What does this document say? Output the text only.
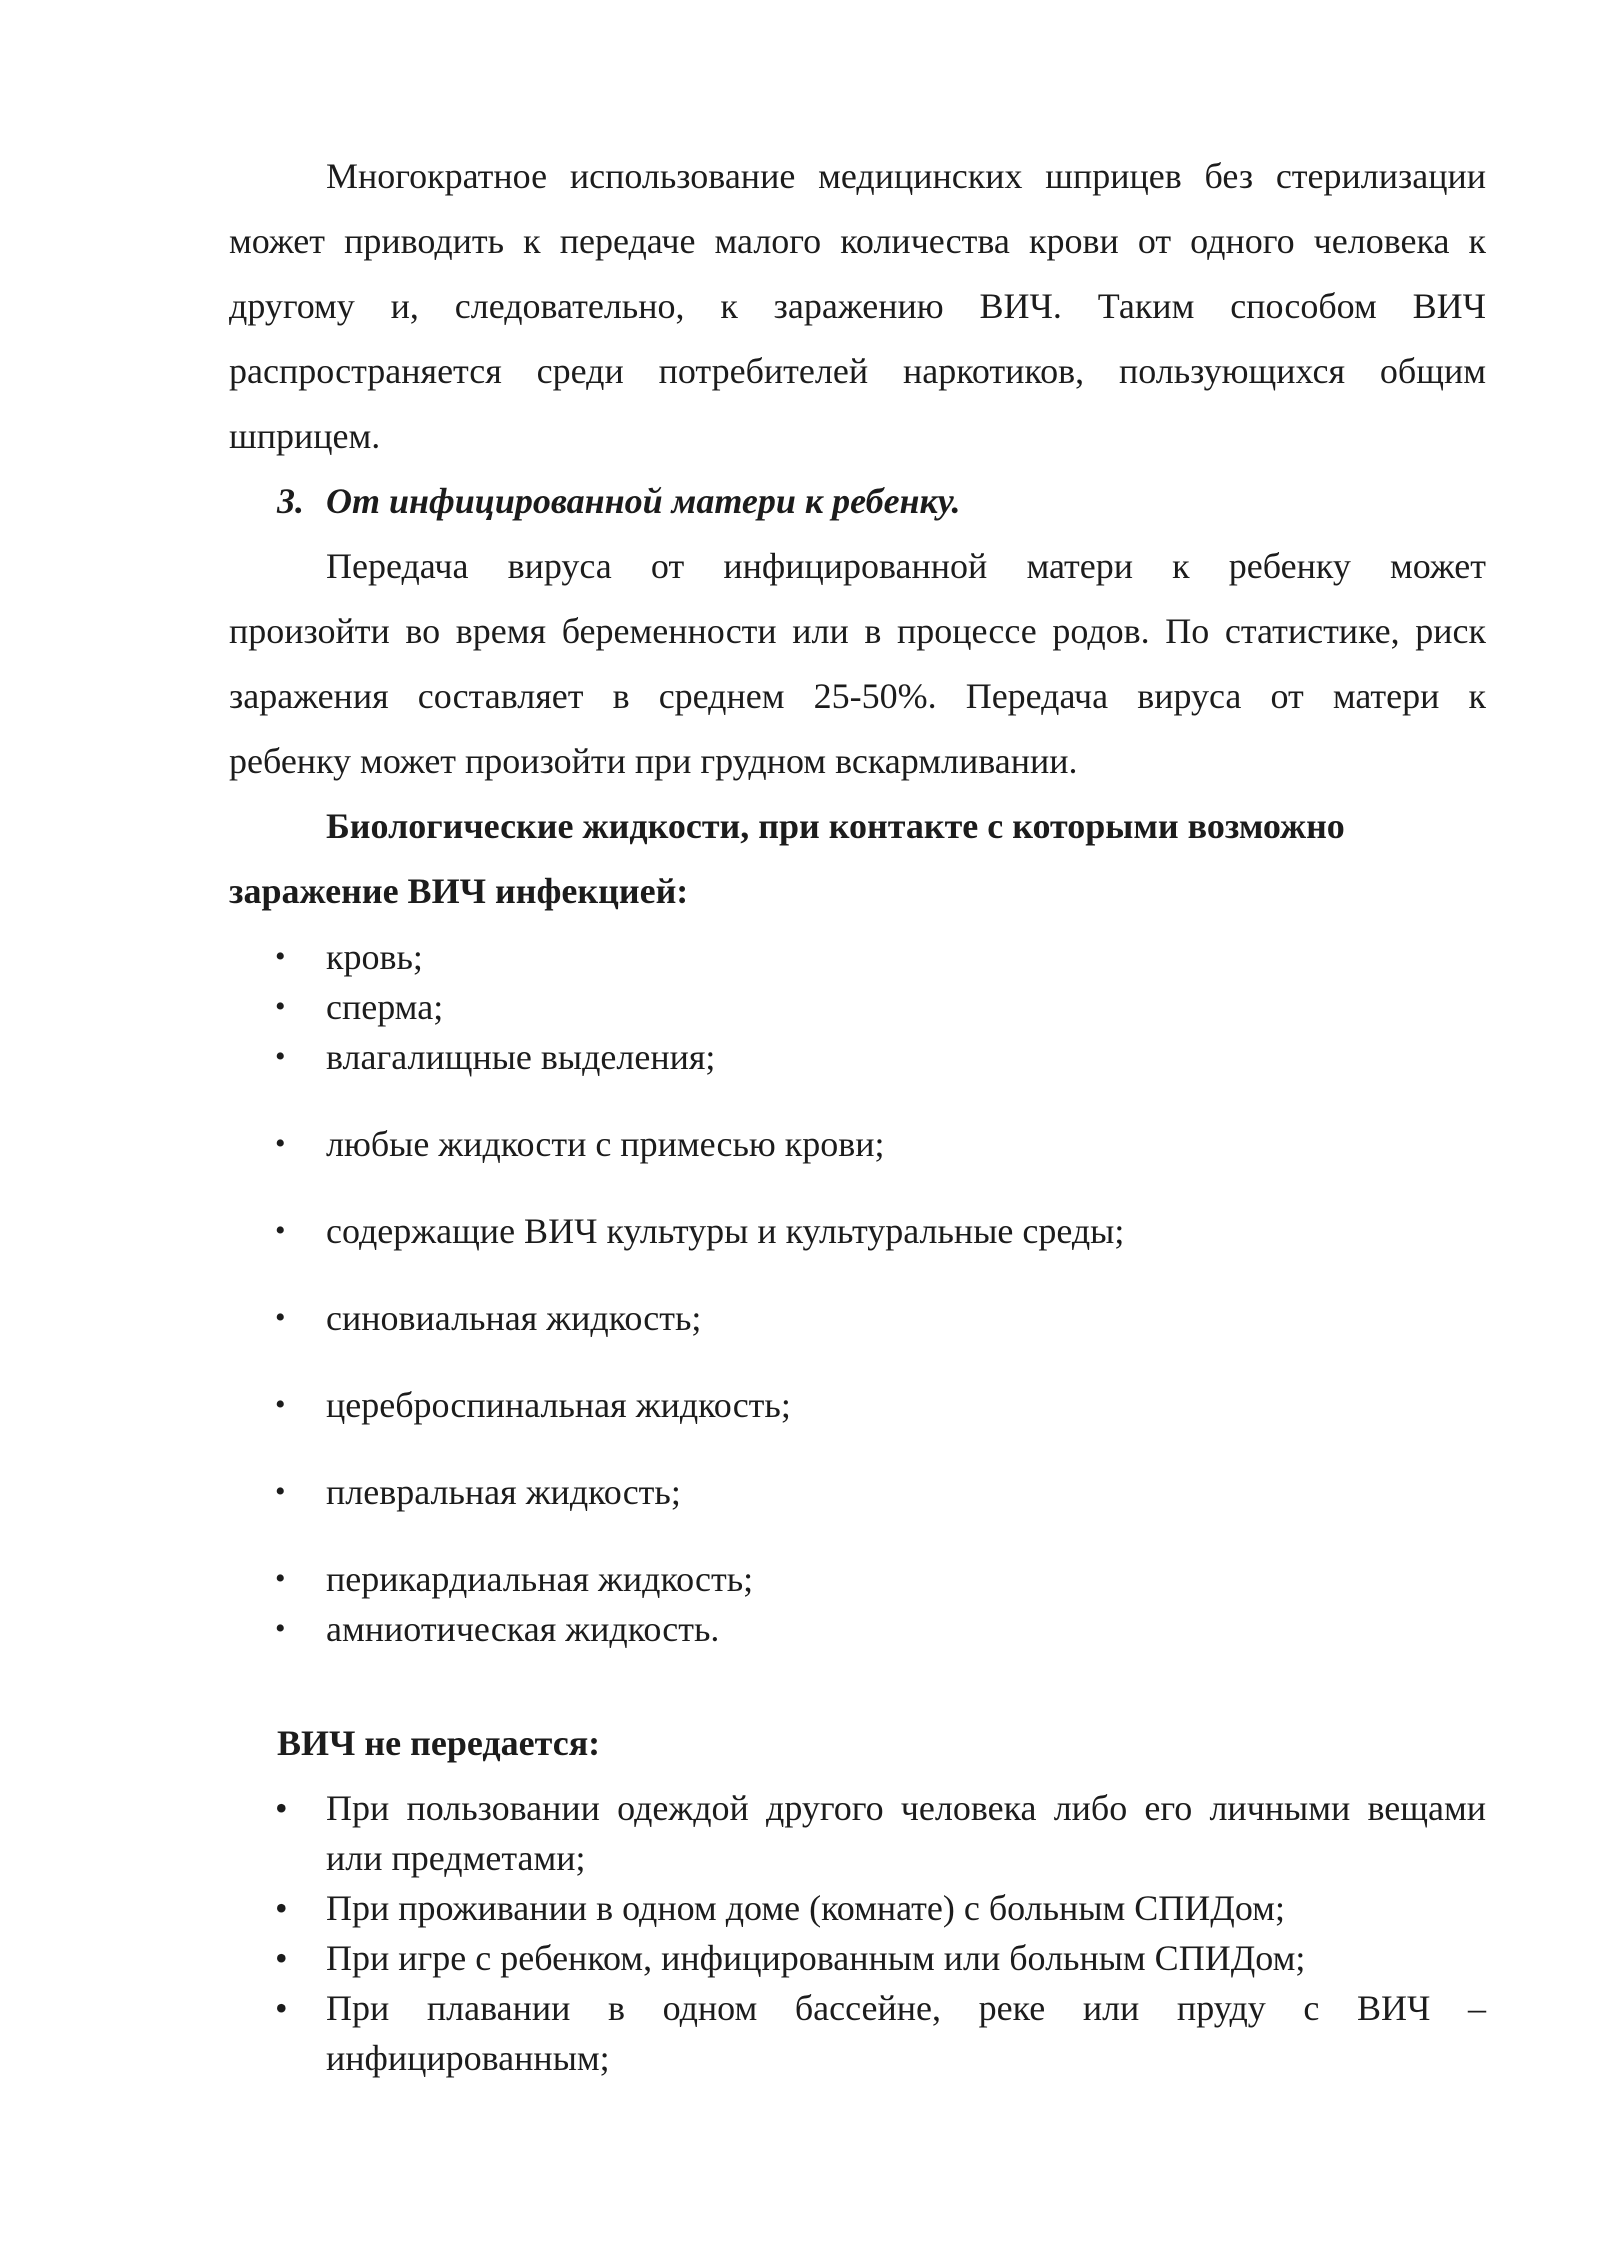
Многократное использование медицинских шприцев без стерилизации
может приводить к передаче малого количества крови от одного человека к
другому и, следовательно, к заражению ВИЧ. Таким способом ВИЧ
распространяется среди потребителей наркотиков, пользующихся общим
шприцем.
3. От инфицированной матери к ребенку.
Передача вируса от инфицированной матери к ребенку может
произойти во время беременности или в процессе родов. По статистике, риск
заражения составляет в среднем 25-50%. Передача вируса от матери к
ребенку может произойти при грудном вскармливании.
Биологические жидкости, при контакте с которыми возможно
заражение ВИЧ инфекцией:
•	кровь;
•	сперма;
•	влагалищные выделения;
•	любые жидкости с примесью крови;
•	содержащие ВИЧ культуры и культуральные среды;
•	синовиальная жидкость;
•	цереброспинальная жидкость;
•	плевральная жидкость;
•	перикардиальная жидкость;
•	амниотическая жидкость.
ВИЧ не передается:
•	При пользовании одеждой другого человека либо его личными вещами
или предметами;
•	При проживании в одном доме (комнате) с больным СПИДом;
•	При игре с ребенком, инфицированным или больным СПИДом;
•	При плавании в одном бассейне, реке или пруду с ВИЧ –
инфицированным;
